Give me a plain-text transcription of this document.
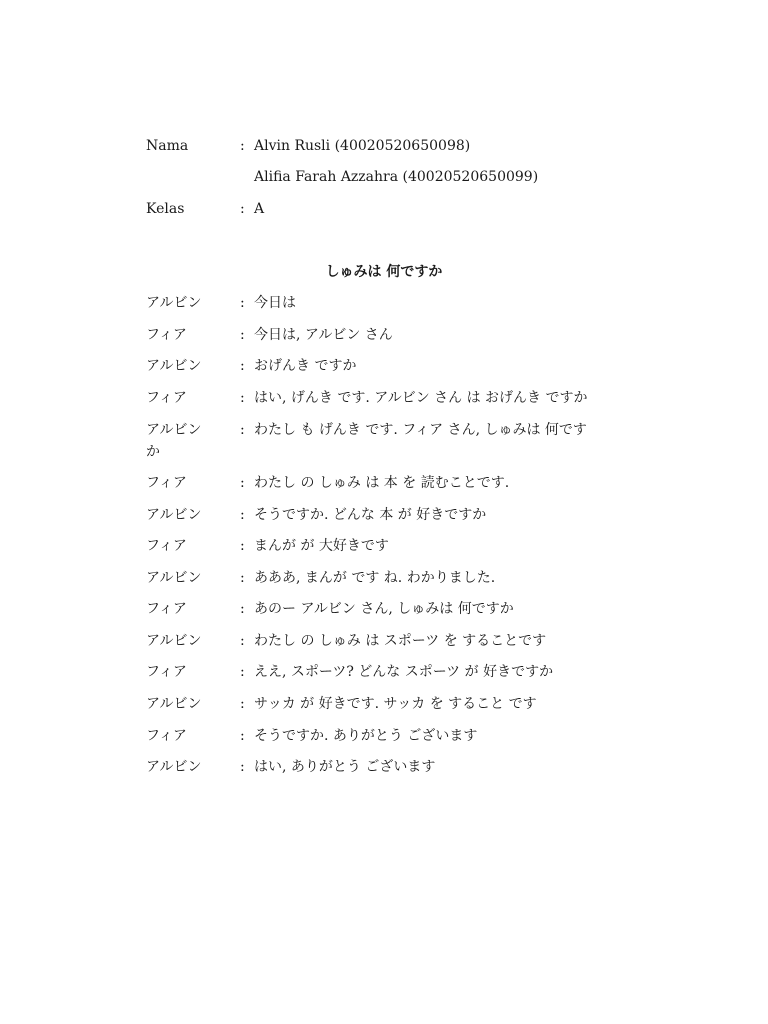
Nama	: Alvin Rusli (40020520650098)
Alifia Farah Azzahra (40020520650099)
Kelas	: A
しゅみは 何ですか
アルビン	: 今日は
フィア	: 今日は, アルビン さん
アルビン	: おげんき ですか
フィア	: はい, げんき です. アルビン さん は おげんき ですか
アルビン	: わたし も げんき です. フィア さん, しゅみは 何です
か
フィア	: わたし の しゅみ は 本 を 読むことです.
アルビン	: そうですか. どんな 本 が 好きですか
フィア	: まんが が 大好きです
アルビン	: あああ, まんが です ね. わかりました.
フィア	: あのー アルビン さん, しゅみは 何ですか
アルビン	: わたし の しゅみ は スポーツ を することです
フィア	: ええ, スポーツ? どんな スポーツ が 好きですか
アルビン	: サッカ が 好きです. サッカ を すること です
フィア	: そうですか. ありがとう ございます
アルビン	: はい, ありがとう ございます
